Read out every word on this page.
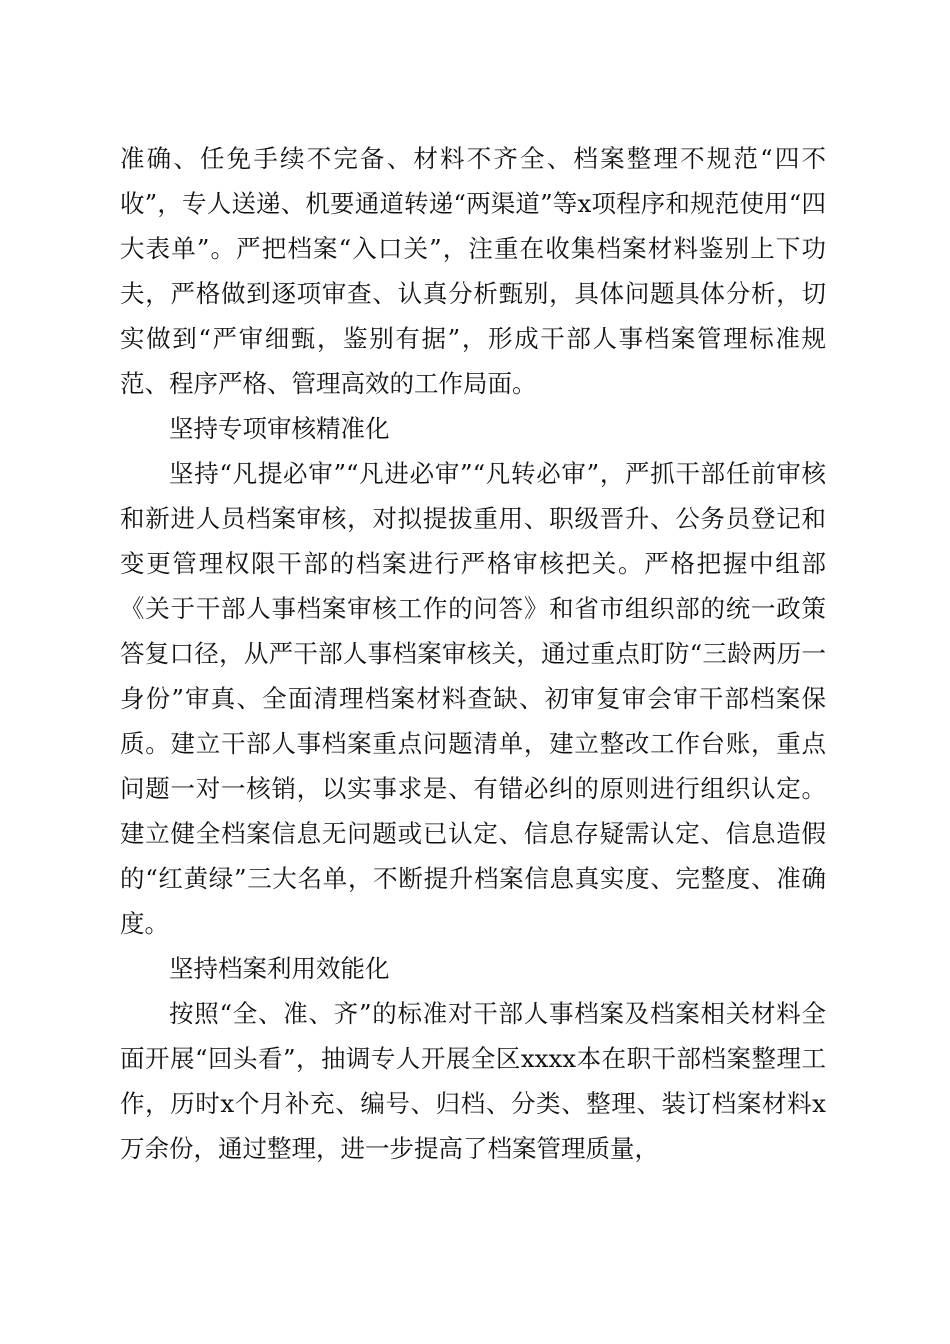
准确、任免手续不完备、材料不齐全、档案整理不规范“四不收”，专人送递、机要通道转递“两渠道”等x项程序和规范使用“四大表单”。严把档案“入口关”，注重在收集档案材料鉴别上下功夫，严格做到逐项审查、认真分析甄别，具体问题具体分析，切实做到“严审细甄，鉴别有据”，形成干部人事档案管理标准规范、程序严格、管理高效的工作局面。

坚持专项审核精准化

坚持“凡提必审”“凡进必审”“凡转必审”，严抓干部任前审核和新进人员档案审核，对拟提拔重用、职级晋升、公务员登记和变更管理权限干部的档案进行严格审核把关。严格把握中组部《关于干部人事档案审核工作的问答》和省市组织部的统一政策答复口径，从严干部人事档案审核关，通过重点盯防“三龄两历一身份”审真、全面清理档案材料查缺、初审复审会审干部档案保质。建立干部人事档案重点问题清单，建立整改工作台账，重点问题一对一核销，以实事求是、有错必纠的原则进行组织认定。建立健全档案信息无问题或已认定、信息存疑需认定、信息造假的“红黄绿”三大名单，不断提升档案信息真实度、完整度、准确度。

坚持档案利用效能化

按照“全、准、齐”的标准对干部人事档案及档案相关材料全面开展“回头看”，抽调专人开展全区xxxx本在职干部档案整理工作，历时x个月补充、编号、归档、分类、整理、装订档案材料x万余份，通过整理，进一步提高了档案管理质量，
